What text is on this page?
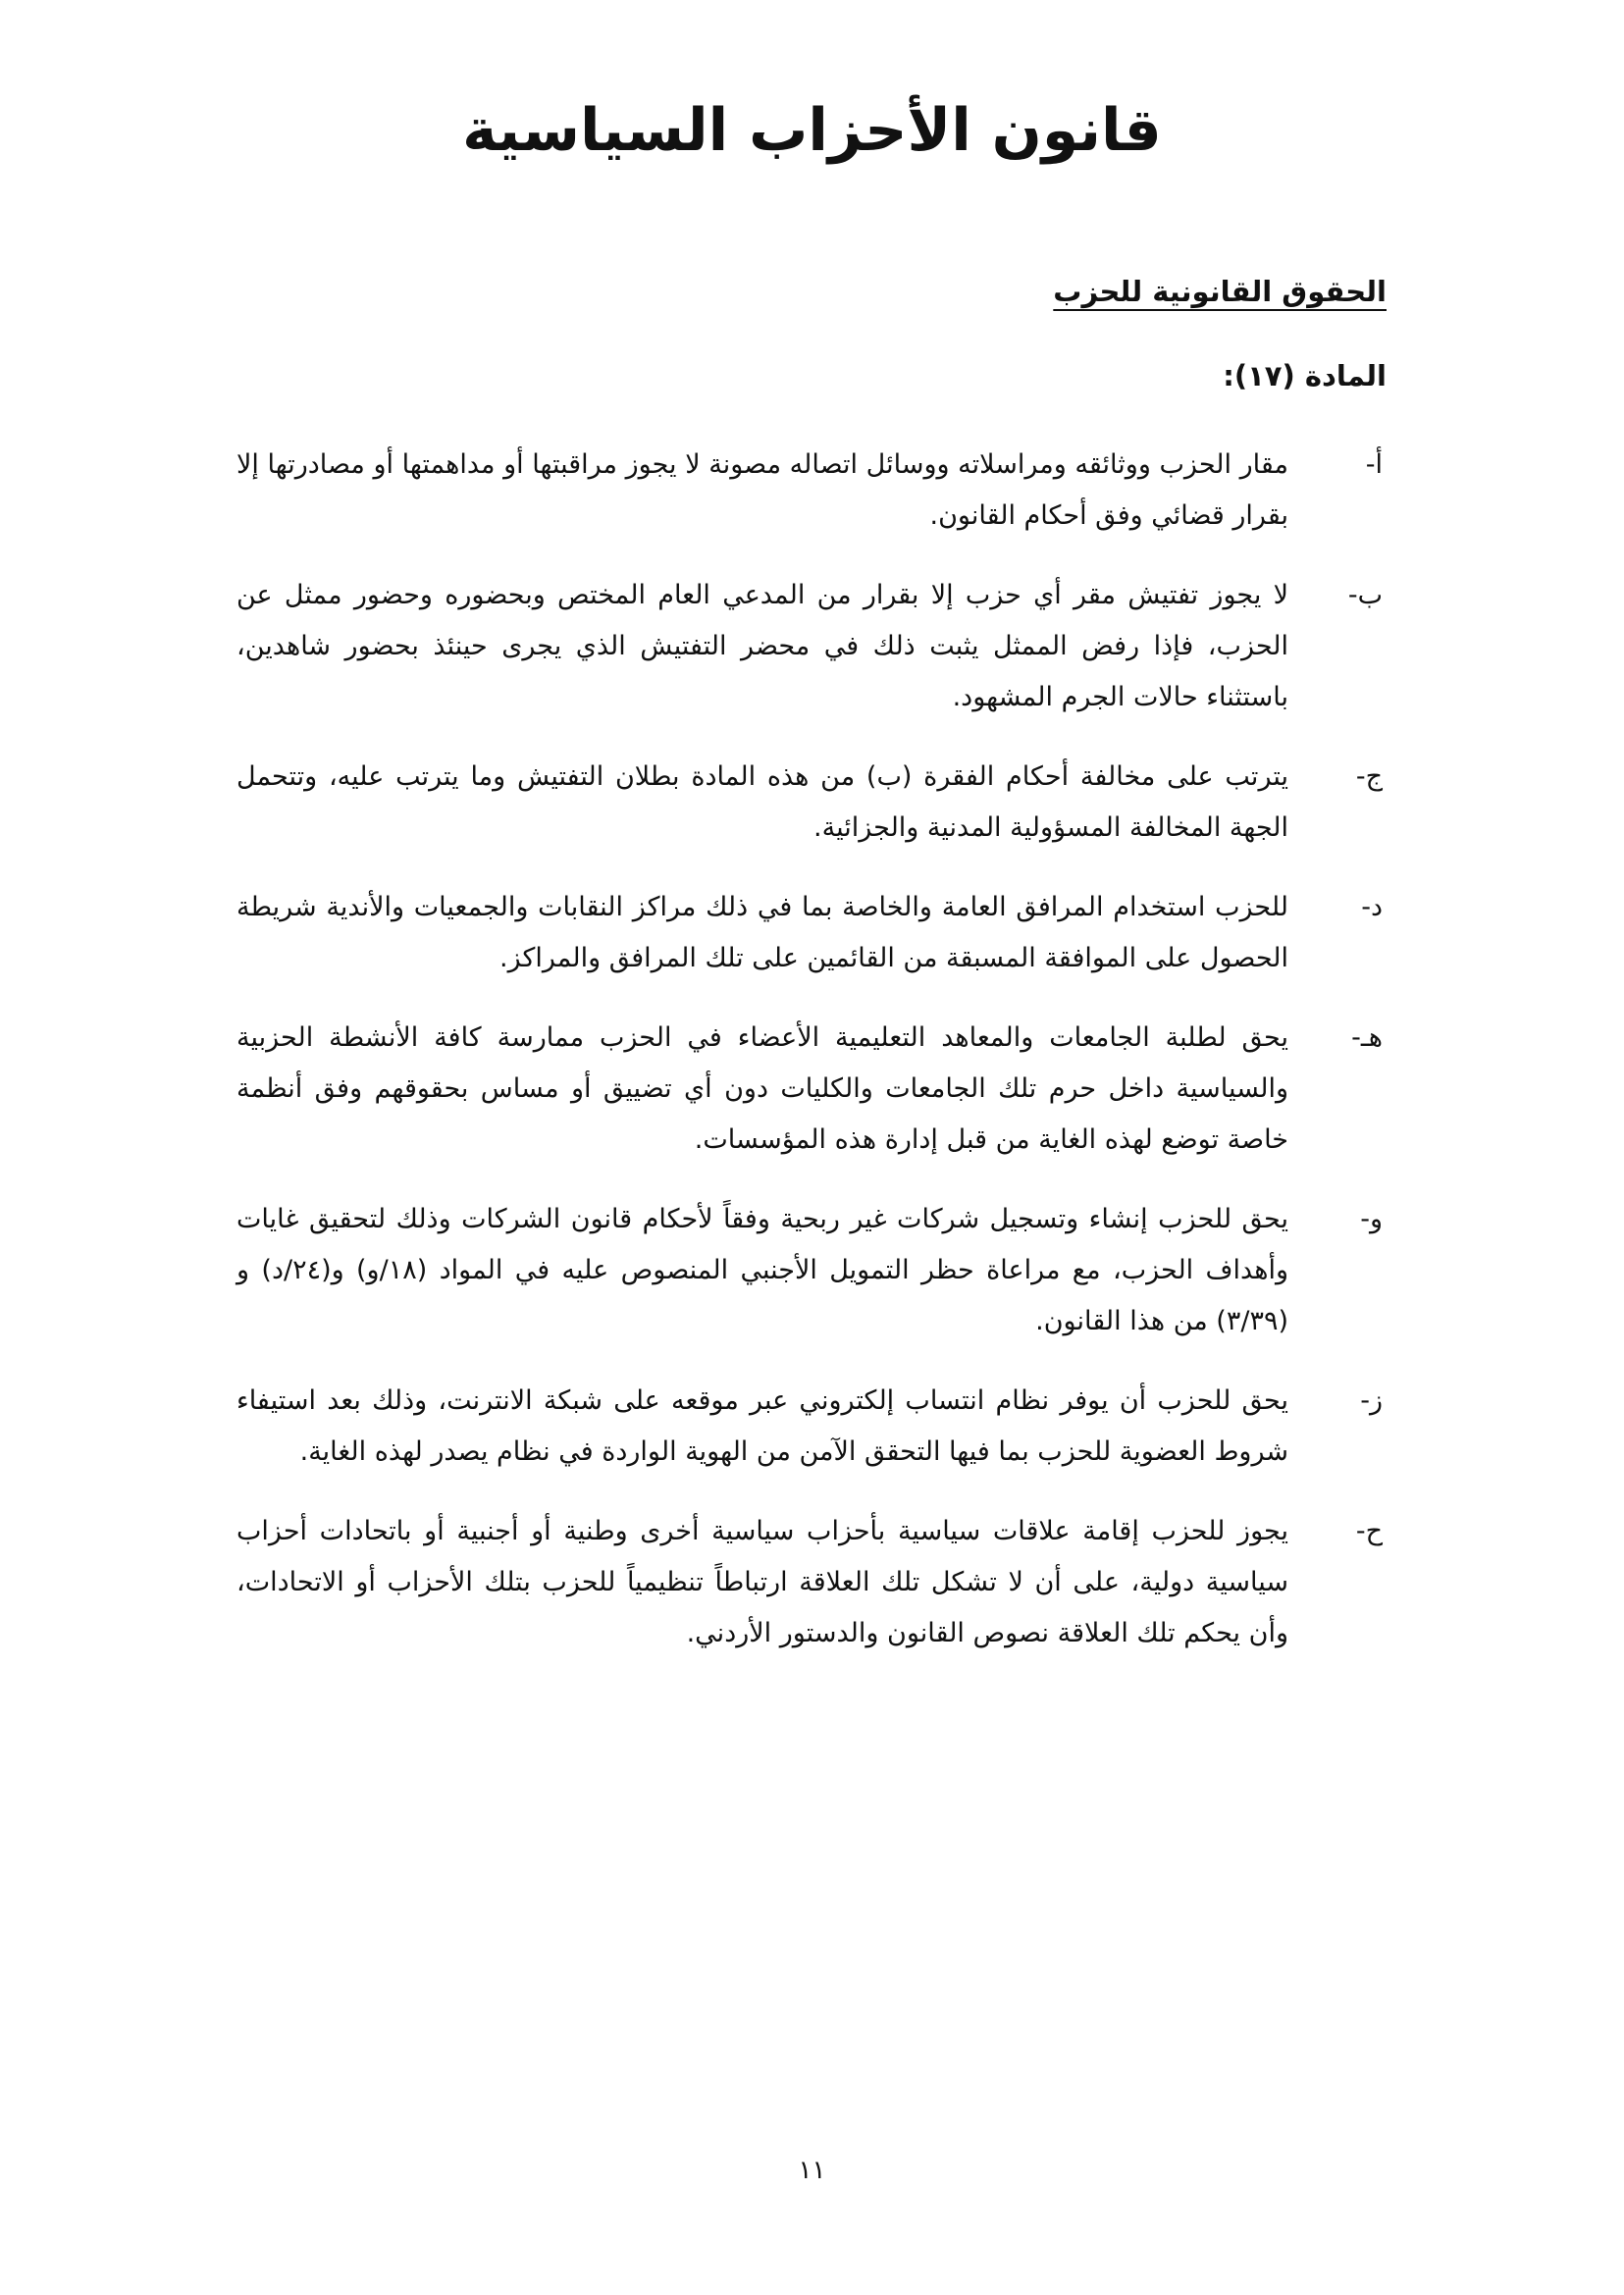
قانون الأحزاب السياسية
الحقوق القانونية للحزب
المادة (١٧):
أ-
مقار الحزب ووثائقه ومراسلاته ووسائل اتصاله مصونة لا يجوز مراقبتها أو مداهمتها أو مصادرتها إلا بقرار قضائي وفق أحكام القانون.
ب-
لا يجوز تفتيش مقر أي حزب إلا بقرار من المدعي العام المختص وبحضوره وحضور ممثل عن الحزب، فإذا رفض الممثل يثبت ذلك في محضر التفتيش الذي يجرى حينئذ بحضور شاهدين، باستثناء حالات الجرم المشهود.
ج-
يترتب على مخالفة أحكام الفقرة (ب) من هذه المادة بطلان التفتيش وما يترتب عليه، وتتحمل الجهة المخالفة المسؤولية المدنية والجزائية.
د-
للحزب استخدام المرافق العامة والخاصة بما في ذلك مراكز النقابات والجمعيات والأندية شريطة الحصول على الموافقة المسبقة من القائمين على تلك المرافق والمراكز.
هـ-
يحق لطلبة الجامعات والمعاهد التعليمية الأعضاء في الحزب ممارسة كافة الأنشطة الحزبية والسياسية داخل حرم تلك الجامعات والكليات دون أي تضييق أو مساس بحقوقهم وفق أنظمة خاصة توضع لهذه الغاية من قبل إدارة هذه المؤسسات.
و-
يحق للحزب إنشاء وتسجيل شركات غير ربحية وفقاً لأحكام قانون الشركات وذلك لتحقيق غايات وأهداف الحزب، مع مراعاة حظر التمويل الأجنبي المنصوص عليه في المواد (١٨/و) و(٢٤/د) و (٣/٣٩) من هذا القانون.
ز-
يحق للحزب أن يوفر نظام انتساب إلكتروني عبر موقعه على شبكة الانترنت، وذلك بعد استيفاء شروط العضوية للحزب بما فيها التحقق الآمن من الهوية الواردة في نظام يصدر لهذه الغاية.
ح-
يجوز للحزب إقامة علاقات سياسية بأحزاب سياسية أخرى وطنية أو أجنبية أو باتحادات أحزاب سياسية دولية، على أن لا تشكل تلك العلاقة ارتباطاً تنظيمياً للحزب بتلك الأحزاب أو الاتحادات، وأن يحكم تلك العلاقة نصوص القانون والدستور الأردني.

١١
